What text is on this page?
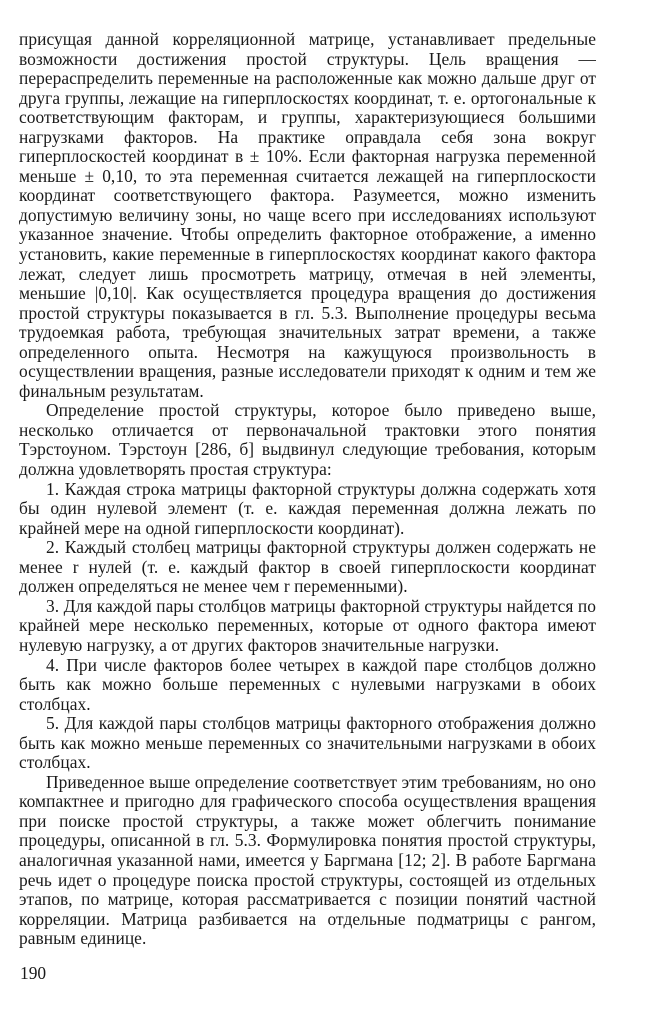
присущая данной корреляционной матрице, устанавливает предельные возможности достижения простой структуры. Цель вращения — перераспределить переменные на расположенные как можно дальше друг от друга группы, лежащие на гиперплоскостях координат, т. е. ортогональные к соответствующим факторам, и группы, характеризующиеся большими нагрузками факторов. На практике оправдала себя зона вокруг гиперплоскостей координат в ± 10%. Если факторная нагрузка переменной меньше ± 0,10, то эта переменная считается лежащей на гиперплоскости координат соответствующего фактора. Разумеется, можно изменить допустимую величину зоны, но чаще всего при исследованиях используют указанное значение. Чтобы определить факторное отображение, а именно установить, какие переменные в гиперплоскостях координат какого фактора лежат, следует лишь просмотреть матрицу, отмечая в ней элементы, меньшие |0,10|. Как осуществляется процедура вращения до достижения простой структуры показывается в гл. 5.3. Выполнение процедуры весьма трудоемкая работа, требующая значительных затрат времени, а также определенного опыта. Несмотря на кажущуюся произвольность в осуществлении вращения, разные исследователи приходят к одним и тем же финальным результатам.

Определение простой структуры, которое было приведено выше, несколько отличается от первоначальной трактовки этого понятия Тэрстоуном. Тэрстоун [286, б] выдвинул следующие требования, которым должна удовлетворять простая структура:

1. Каждая строка матрицы факторной структуры должна содержать хотя бы один нулевой элемент (т. е. каждая переменная должна лежать по крайней мере на одной гиперплоскости координат).

2. Каждый столбец матрицы факторной структуры должен содержать не менее r нулей (т. е. каждый фактор в своей гиперплоскости координат должен определяться не менее чем r переменными).

3. Для каждой пары столбцов матрицы факторной структуры найдется по крайней мере несколько переменных, которые от одного фактора имеют нулевую нагрузку, а от других факторов значительные нагрузки.

4. При числе факторов более четырех в каждой паре столбцов должно быть как можно больше переменных с нулевыми нагрузками в обоих столбцах.

5. Для каждой пары столбцов матрицы факторного отображения должно быть как можно меньше переменных со значительными нагрузками в обоих столбцах.

Приведенное выше определение соответствует этим требованиям, но оно компактнее и пригодно для графического способа осуществления вращения при поиске простой структуры, а также может облегчить понимание процедуры, описанной в гл. 5.3. Формулировка понятия простой структуры, аналогичная указанной нами, имеется у Баргмана [12; 2]. В работе Баргмана речь идет о процедуре поиска простой структуры, состоящей из отдельных этапов, по матрице, которая рассматривается с позиции понятий частной корреляции. Матрица разбивается на отдельные подматрицы с рангом, равным единице.

190
